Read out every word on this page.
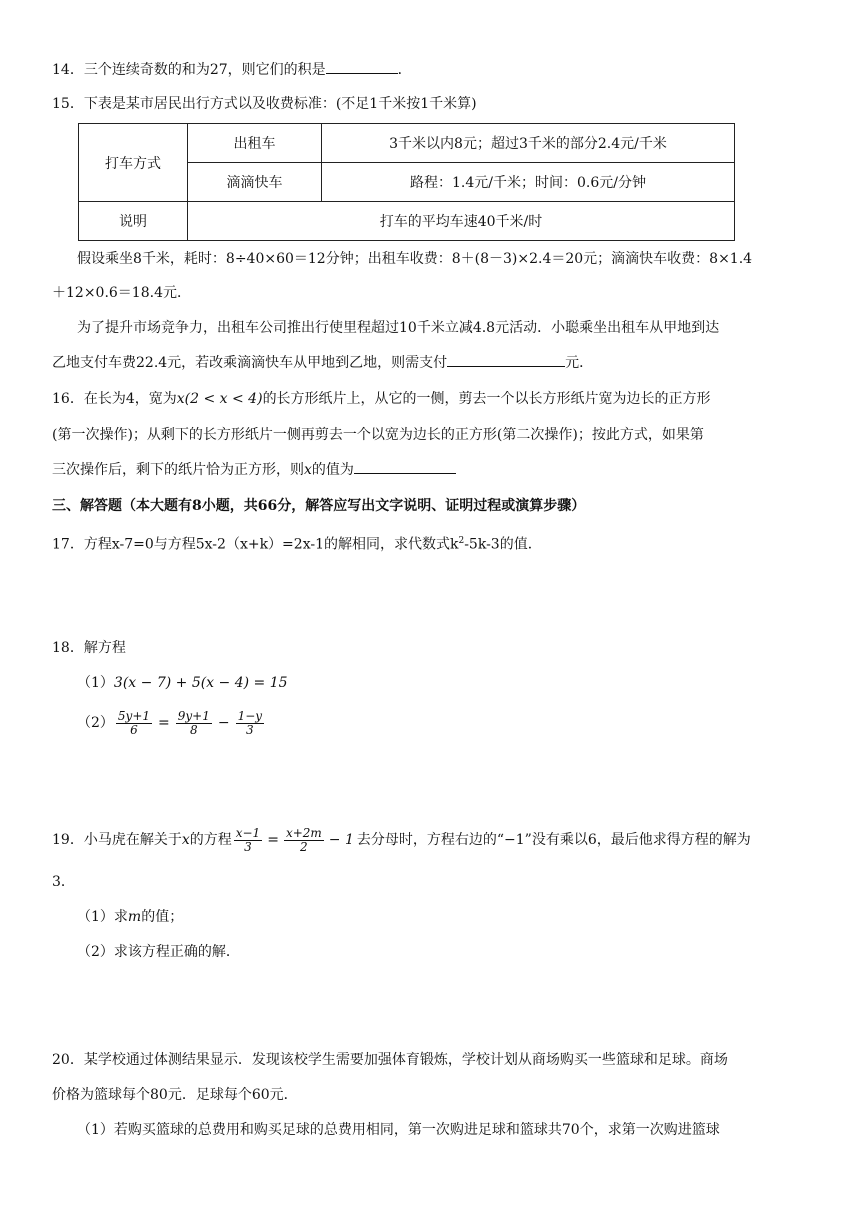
14．三个连续奇数的和为27，则它们的积是	．
15．下表是某市居民出行方式以及收费标准：(不足1千米按1千米算)
打车方式	出租车	3千米以内8元；超过3千米的部分2.4元/千米
	滴滴快车	路程：1.4元/千米；时间：0.6元/分钟
说明	打车的平均车速40千米/时	
假设乘坐8千米，耗时：8÷40×60＝12分钟；出租车收费：8＋(8－3)×2.4＝20元；滴滴快车收费：8×1.4
＋12×0.6＝18.4元．
为了提升市场竞争力，出租车公司推出行使里程超过10千米立减4.8元活动．小聪乘坐出租车从甲地到达
乙地支付车费22.4元，若改乘滴滴快车从甲地到乙地，则需支付	元．
16．在长为4，宽为x(2 < x < 4)的长方形纸片上，从它的一侧，剪去一个以长方形纸片宽为边长的正方形
(第一次操作)；从剩下的长方形纸片一侧再剪去一个以宽为边长的正方形(第二次操作)；按此方式，如果第
三次操作后，剩下的纸片恰为正方形，则x的值为
三、解答题（本大题有8小题，共66分，解答应写出文字说明、证明过程或演算步骤）
17．方程x-7=0与方程5x-2（x+k）=2x-1的解相同，求代数式$k^2-5k-3$的值．
18．解方程
（1）3(x − 7) + 5(x − 4) = 15
$(2) \frac{5y+1}{6} = \frac{9y+1}{8} - \frac{1-y}{3}$
19． 小马虎在解关于 x 的方程 $\frac{x-1}{3} = \frac{x+2m}{2} - 1$ 去分母时，方程右边的“−1”没有乘以6，最后他求得方程的解为
3．
（1）求m的值；
（2）求该方程正确的解．
20．某学校通过体测结果显示．发现该校学生需要加强体育锻炼，学校计划从商场购买一些篮球和足球。商场
价格为篮球每个80元．足球每个60元．
（1）若购买篮球的总费用和购买足球的总费用相同，第一次购进足球和篮球共70个，求第一次购进篮球
